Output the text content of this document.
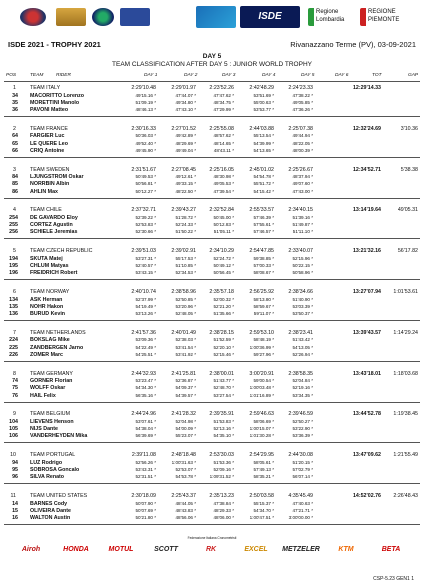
ISDE	Regione Lombardia
REGIONE PIEMONTE
ISDE 2021 - TROPHY 2021	Rivanazzano Terme (PV), 03-09-2021
DAY 5
TEAM CLASSIFICATION AFTER DAY 5 : JUNIOR WORLD TROPHY
POS	TEAM	RIDER	DAY 1	DAY 2	DAY 3	DAY 4	DAY 5	DAY 6	TOT	GAP
1	TEAM ITALY	2:29'10.48	2:29'01.97	2:23'52.26	2:42'48.29	2:24'23.33	12:29'14.33
34 MACORITTO Lorenzo	49'15.16 *	47'44.07 *	47'47.62 *	53'51.69 *	47'38.22 *
35 MORETTINI Manolo	51'09.19 *	49'34.80 *	48'34.75 *	55'00.63 *	49'05.85 *
36 PAVONI Matteo	48'46.13 *	47'43.10 *	47'29.99 *	53'53.77 *	47'36.26 *
2	TEAM FRANCE	2:30'16.33	2:27'01.52	2:25'55.08	2:44'03.88	2:25'07.38	12:32'24.69	3'10.36
64 FARGIER Luc	50'36.03 *	49'42.89 *	48'57.62 *	55'13.54 *	49'44.94 *
65 LE QUERE Leo	49'52.40 *	48'29.69 *	48'14.65 *	54'39.99 *	48'22.05 *
66 CRIQ Antoine	49'45.90 *	49'49.04 *	48'43.11 *	54'13.65 *	48'00.39 *
3	TEAM SWEDEN	2:31'51.67	2:27'08.45	2:25'16.05	2:45'01.02	2:25'26.67	12:34'52.71	5'38.38
84 LJUNGSTROM Oskar	50'49.53 *	49'12.61 *	48'30.98 *	54'54.78 *	48'37.94 *
85 NORRBIN Albin	50'56.81 *	49'33.15 *	49'05.53 *	55'51.72 *	49'07.60 *
86 AHLIN Max	50'12.27 *	48'22.50 *	47'39.54 *	54'15.42 *	47'43.00 *
4	TEAM CHILE	2:37'32.71	2:39'43.27	2:32'52.84	2:55'33.57	2:34'40.15	13:14'19.64	49'05.31
254 DE GAVARDO Eloy	52'39.22 *	51'28.72 *	50'45.00 *	57'46.39 *	51'39.16 *
255 CORTEZ Agustin	52'53.83 *	52'24.33 *	50'12.83 *	57'55.61 *	51'49.87 *
256 SCHIELE Jeremias	52'30.66 *	51'50.22 *	51'05.11 *	57'46.57 *	51'11.10 *
5	TEAM CZECH REPUBLIC	2:39'51.03	2:39'02.91	2:34'10.29	2:54'47.85	2:33'40.07	13:21'32.16	56'17.82
194 SKUTA Matej	53'27.31 *	55'17.53 *	52'24.72 *	59'38.85 *	52'15.96 *
195 CHLUM Matyas	52'40.57 *	51'10.85 *	50'49.12 *	57'00.33 *	50'22.15 *
196 FREIDRICH Robert	53'43.15 *	52'34.53 *	50'56.45 *	58'08.67 *	50'58.96 *
6	TEAM NORWAY	2:40'10.74	2:38'58.96	2:35'57.18	2:56'25.92	2:38'34.66	13:27'07.94	1:01'53.61
134 ASK Herman	52'37.99 *	52'50.85 *	52'00.32 *	58'13.80 *	51'40.90 *
135 NOHR Hakon	54'19.49 *	53'20.96 *	52'21.20 *	58'59.67 *	53'03.39 *
136 BURUD Kevin	53'13.26 *	52'48.05 *	51'35.66 *	59'11.07 *	53'50.37 *
7	TEAM NETHERLANDS	2:41'57.36	2:40'01.49	2:38'28.15	2:59'53.10	2:38'23.41	13:39'43.57	1:14'29.24
224 BOKSLAG Mike	53'09.36 *	52'38.03 *	51'52.59 *	58'48.19 *	51'43.42 *
225 ZANDBERGEN Jarno	54'22.49 *	53'41.54 *	52'20.10 *	1:00'36.99 *	54'13.05 *
226 ZOMER Marc	54'25.51 *	53'41.92 *	52'15.46 *	59'27.96 *	52'26.94 *
8	TEAM GERMANY	2:44'32.93	2:41'25.81	2:38'00.01	3:00'20.91	2:38'58.35	13:43'18.01	1:18'03.68
74 GORNER Florian	53'23.47 *	52'36.87 *	51'43.77 *	59'00.54 *	52'04.84 *
75 WOLFF Oskar	54'34.30 *	54'09.37 *	52'48.70 *	1:00'03.48 *	52'19.16 *
76 HAIL Felix	56'35.16 *	54'39.57 *	53'27.54 *	1:01'16.89 *	53'34.35 *
9	TEAM BELGIUM	2:44'24.96	2:41'28.32	2:39'35.91	2:59'46.63	2:39'46.59	13:44'52.78	1:19'38.45
104 LIEVENS Henson	53'07.61 *	52'04.98 *	51'53.83 *	58'06.69 *	52'50.27 *
105 NIJS Dante	54'38.04 *	54'00.09 *	52'13.16 *	1:00'15.07 *	53'22.90 *
106 VANDERHEYDEN Mika	56'39.69 *	55'23.07 *	54'35.10 *	1:01'30.28 *	53'36.39 *
10	TEAM PORTUGAL	2:39'11.08	2:48'18.48	2:53'30.03	2:54'29.95	2:44'30.08	13:47'09.62	1:21'55.49
94 LUZ Rodrigo	52'56.26 *	1:00'31.63 *	51'53.36 *	58'05.61 *	51'20.15 *
95 SOBROSA Goncalo	53'43.31 *	52'53.07 *	52'09.16 *	57'49.13 *	57'02.79 *
96 SILVA Renato	52'31.51 *	54'53.78 *	1:09'31.52 *	58'35.21 *	56'07.14 *
11	TEAM UNITED STATES	2:30'18.09	2:25'43.37	2:35'13.23	2:50'03.58	4:35'45.49	14:52'02.76	2:26'48.43
14 BARNES Cody	50'07.90 *	48'44.05 *	47'38.84 *	55'15.37 *	47'40.63 *
15 OLIVEIRA Dante	50'07.69 *	48'43.83 *	48'29.33 *	54'34.70 *	47'21.71 *
16 WALTON Austin	50'21.80 *	48'56.06 *	48'06.00 *	1:00'47.51 *	3:00'00.00 *
Federazione Italiana Cronometristi
Airoh	HONDA	MOTUL	SCOTT	RK	EXCEL	METZELER	KTM	BETA
CSP-5.23 GEN1 1
